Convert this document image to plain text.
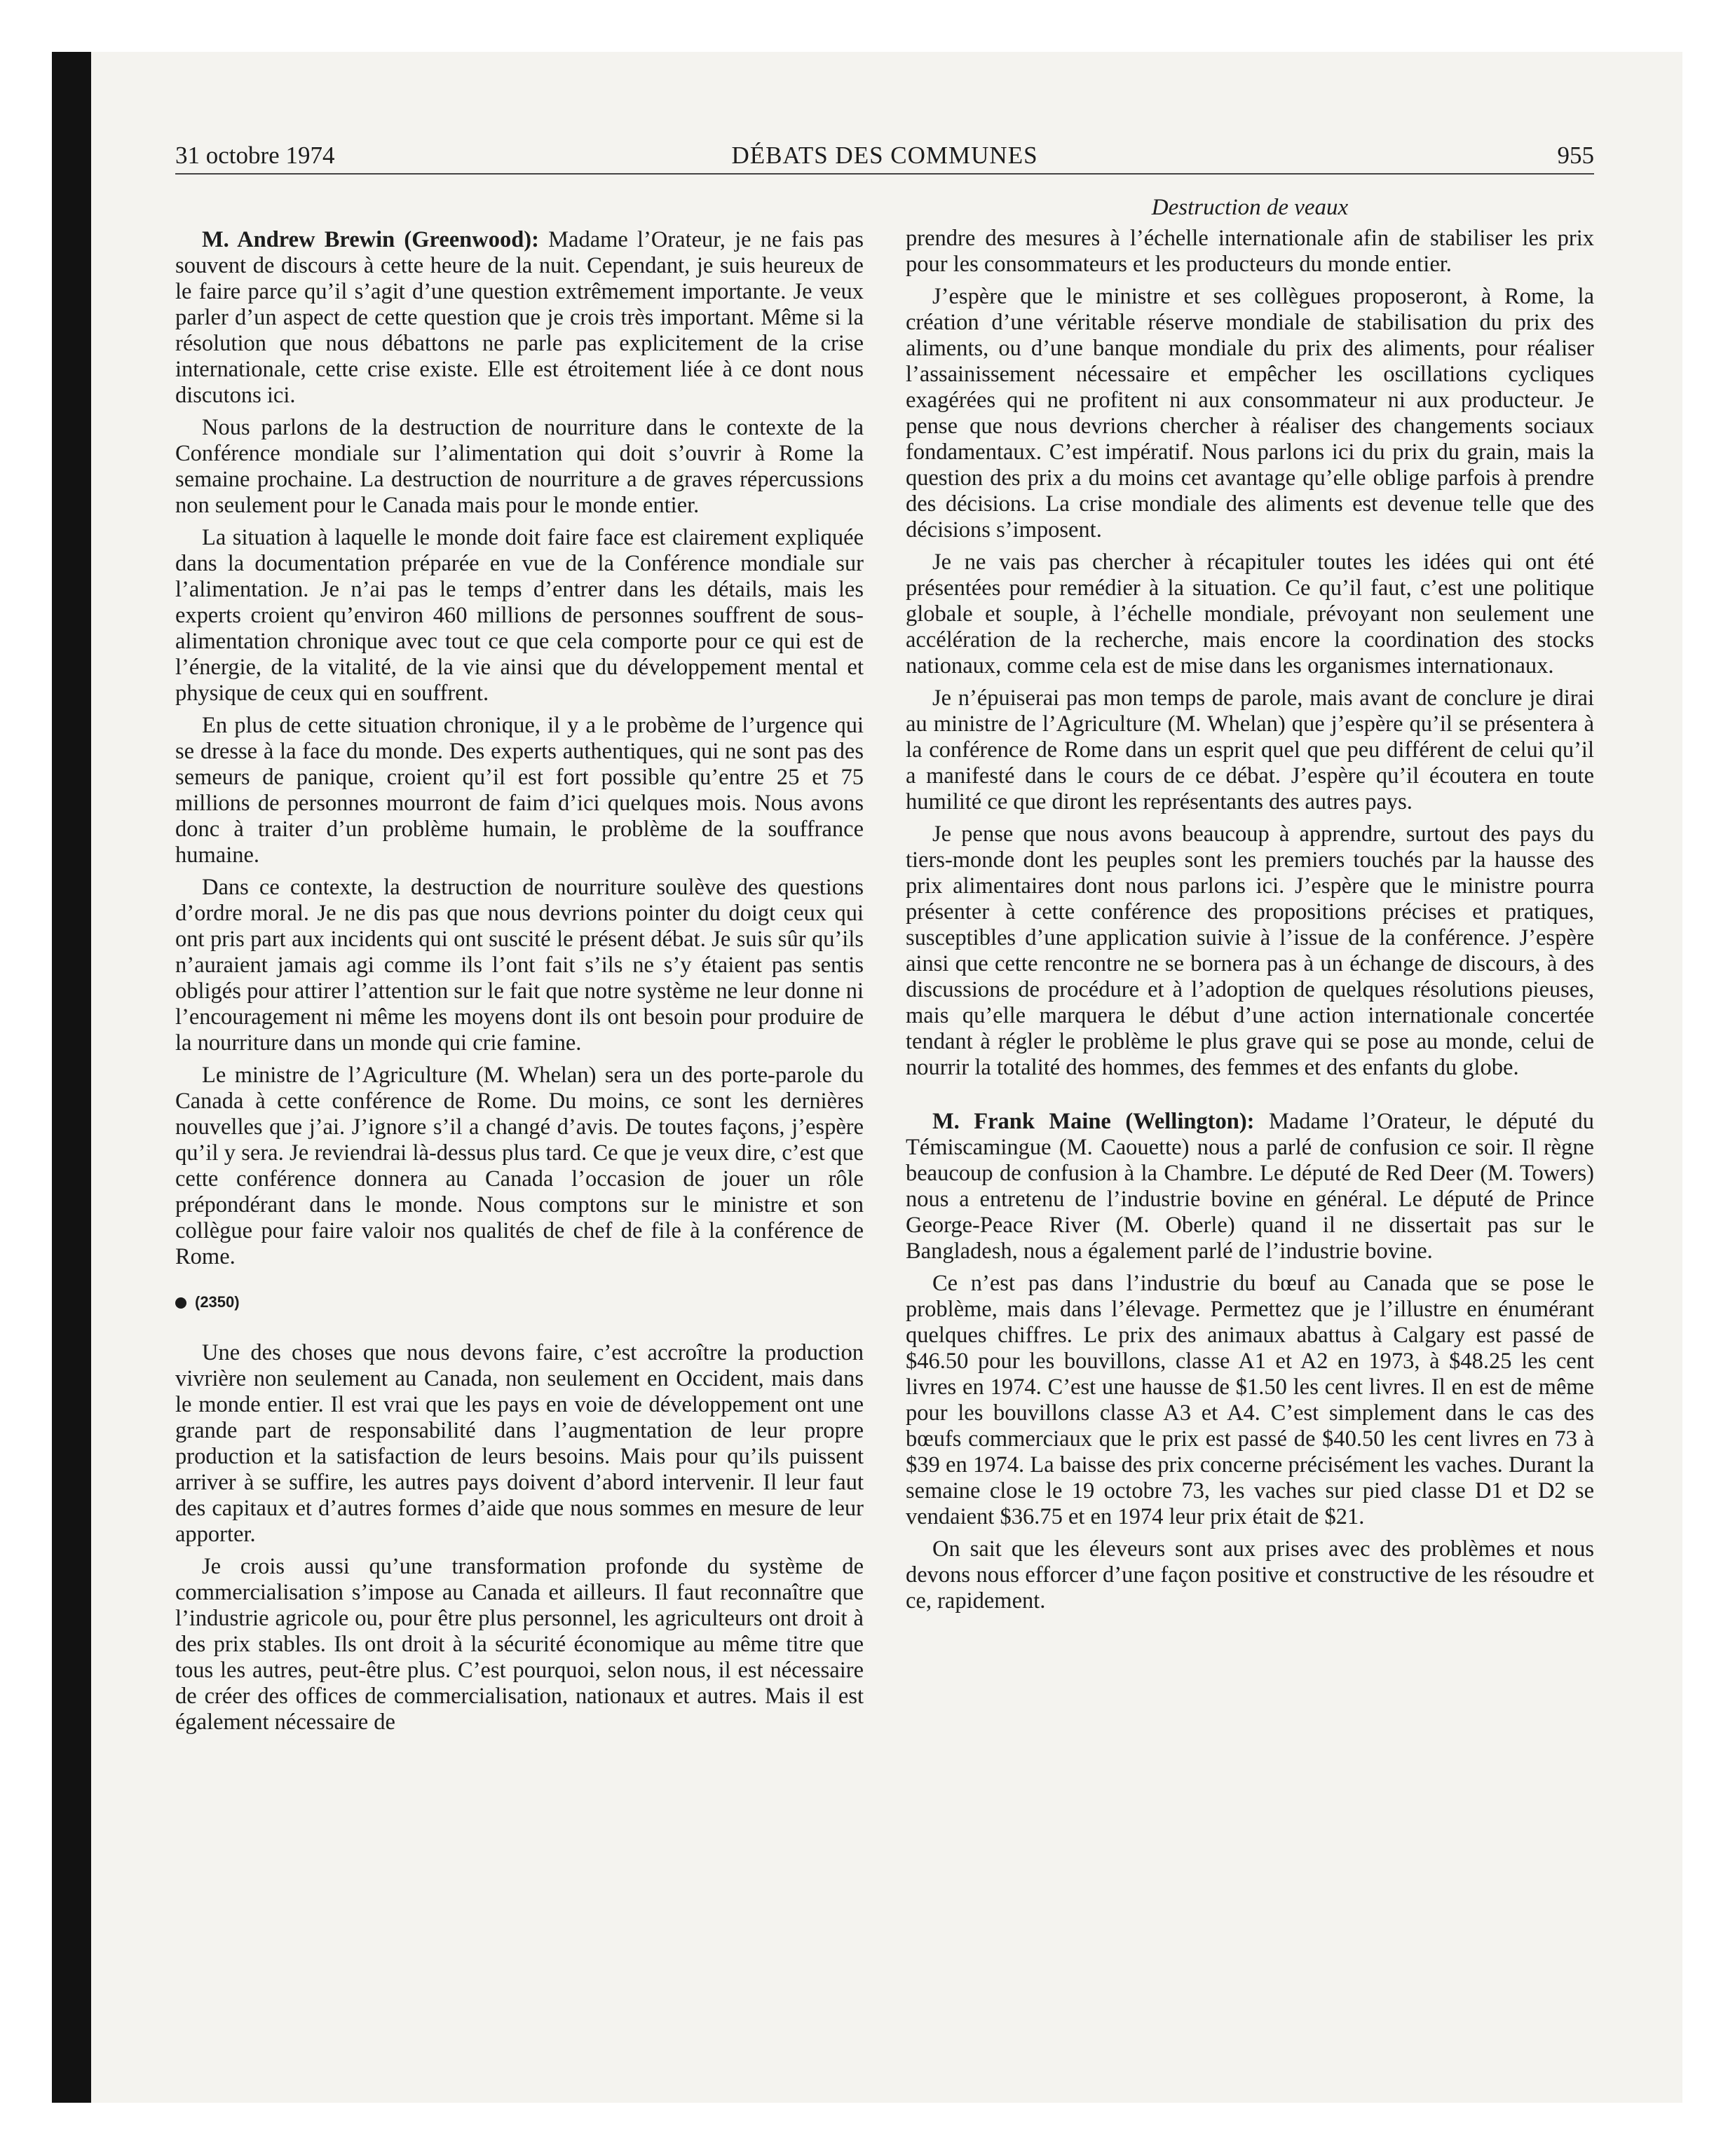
31 octobre 1974	DÉBATS DES COMMUNES	955
Destruction de veaux

M. Andrew Brewin (Greenwood): Madame l’Orateur, je ne fais pas souvent de discours à cette heure de la nuit. Cependant, je suis heureux de le faire parce qu’il s’agit d’une question extrêmement importante. Je veux parler d’un aspect de cette question que je crois très important. Même si la résolution que nous débattons ne parle pas explicitement de la crise internationale, cette crise existe. Elle est étroitement liée à ce dont nous discutons ici.

Nous parlons de la destruction de nourriture dans le contexte de la Conférence mondiale sur l’alimentation qui doit s’ouvrir à Rome la semaine prochaine. La destruction de nourriture a de graves répercussions non seulement pour le Canada mais pour le monde entier.

La situation à laquelle le monde doit faire face est clairement expliquée dans la documentation préparée en vue de la Conférence mondiale sur l’alimentation. Je n’ai pas le temps d’entrer dans les détails, mais les experts croient qu’environ 460 millions de personnes souffrent de sous-alimentation chronique avec tout ce que cela comporte pour ce qui est de l’énergie, de la vitalité, de la vie ainsi que du développement mental et physique de ceux qui en souffrent.

En plus de cette situation chronique, il y a le probème de l’urgence qui se dresse à la face du monde. Des experts authentiques, qui ne sont pas des semeurs de panique, croient qu’il est fort possible qu’entre 25 et 75 millions de personnes mourront de faim d’ici quelques mois. Nous avons donc à traiter d’un problème humain, le problème de la souffrance humaine.

Dans ce contexte, la destruction de nourriture soulève des questions d’ordre moral. Je ne dis pas que nous devrions pointer du doigt ceux qui ont pris part aux incidents qui ont suscité le présent débat. Je suis sûr qu’ils n’auraient jamais agi comme ils l’ont fait s’ils ne s’y étaient pas sentis obligés pour attirer l’attention sur le fait que notre système ne leur donne ni l’encouragement ni même les moyens dont ils ont besoin pour produire de la nourriture dans un monde qui crie famine.

Le ministre de l’Agriculture (M. Whelan) sera un des porte-parole du Canada à cette conférence de Rome. Du moins, ce sont les dernières nouvelles que j’ai. J’ignore s’il a changé d’avis. De toutes façons, j’espère qu’il y sera. Je reviendrai là-dessus plus tard. Ce que je veux dire, c’est que cette conférence donnera au Canada l’occasion de jouer un rôle prépondérant dans le monde. Nous comptons sur le ministre et son collègue pour faire valoir nos qualités de chef de file à la conférence de Rome.

(2350)

Une des choses que nous devons faire, c’est accroître la production vivrière non seulement au Canada, non seulement en Occident, mais dans le monde entier. Il est vrai que les pays en voie de développement ont une grande part de responsabilité dans l’augmentation de leur propre production et la satisfaction de leurs besoins. Mais pour qu’ils puissent arriver à se suffire, les autres pays doivent d’abord intervenir. Il leur faut des capitaux et d’autres formes d’aide que nous sommes en mesure de leur apporter.

Je crois aussi qu’une transformation profonde du système de commercialisation s’impose au Canada et ailleurs. Il faut reconnaître que l’industrie agricole ou, pour être plus personnel, les agriculteurs ont droit à des prix stables. Ils ont droit à la sécurité économique au même titre que tous les autres, peut-être plus. C’est pourquoi, selon nous, il est nécessaire de créer des offices de commercialisation, nationaux et autres. Mais il est également nécessaire de

prendre des mesures à l’échelle internationale afin de stabiliser les prix pour les consommateurs et les producteurs du monde entier.

J’espère que le ministre et ses collègues proposeront, à Rome, la création d’une véritable réserve mondiale de stabilisation du prix des aliments, ou d’une banque mondiale du prix des aliments, pour réaliser l’assainissement nécessaire et empêcher les oscillations cycliques exagérées qui ne profitent ni aux consommateur ni aux producteur. Je pense que nous devrions chercher à réaliser des changements sociaux fondamentaux. C’est impératif. Nous parlons ici du prix du grain, mais la question des prix a du moins cet avantage qu’elle oblige parfois à prendre des décisions. La crise mondiale des aliments est devenue telle que des décisions s’imposent.

Je ne vais pas chercher à récapituler toutes les idées qui ont été présentées pour remédier à la situation. Ce qu’il faut, c’est une politique globale et souple, à l’échelle mondiale, prévoyant non seulement une accélération de la recherche, mais encore la coordination des stocks nationaux, comme cela est de mise dans les organismes internationaux.

Je n’épuiserai pas mon temps de parole, mais avant de conclure je dirai au ministre de l’Agriculture (M. Whelan) que j’espère qu’il se présentera à la conférence de Rome dans un esprit quel que peu différent de celui qu’il a manifesté dans le cours de ce débat. J’espère qu’il écoutera en toute humilité ce que diront les représentants des autres pays.

Je pense que nous avons beaucoup à apprendre, surtout des pays du tiers-monde dont les peuples sont les premiers touchés par la hausse des prix alimentaires dont nous parlons ici. J’espère que le ministre pourra présenter à cette conférence des propositions précises et pratiques, susceptibles d’une application suivie à l’issue de la conférence. J’espère ainsi que cette rencontre ne se bornera pas à un échange de discours, à des discussions de procédure et à l’adoption de quelques résolutions pieuses, mais qu’elle marquera le début d’une action internationale concertée tendant à régler le problème le plus grave qui se pose au monde, celui de nourrir la totalité des hommes, des femmes et des enfants du globe.

M. Frank Maine (Wellington): Madame l’Orateur, le député du Témiscamingue (M. Caouette) nous a parlé de confusion ce soir. Il règne beaucoup de confusion à la Chambre. Le député de Red Deer (M. Towers) nous a entretenu de l’industrie bovine en général. Le député de Prince George-Peace River (M. Oberle) quand il ne dissertait pas sur le Bangladesh, nous a également parlé de l’industrie bovine.

Ce n’est pas dans l’industrie du bœuf au Canada que se pose le problème, mais dans l’élevage. Permettez que je l’illustre en énumérant quelques chiffres. Le prix des animaux abattus à Calgary est passé de $46.50 pour les bouvillons, classe A1 et A2 en 1973, à $48.25 les cent livres en 1974. C’est une hausse de $1.50 les cent livres. Il en est de même pour les bouvillons classe A3 et A4. C’est simplement dans le cas des bœufs commerciaux que le prix est passé de $40.50 les cent livres en 73 à $39 en 1974. La baisse des prix concerne précisément les vaches. Durant la semaine close le 19 octobre 73, les vaches sur pied classe D1 et D2 se vendaient $36.75 et en 1974 leur prix était de $21.

On sait que les éleveurs sont aux prises avec des problèmes et nous devons nous efforcer d’une façon positive et constructive de les résoudre et ce, rapidement.
